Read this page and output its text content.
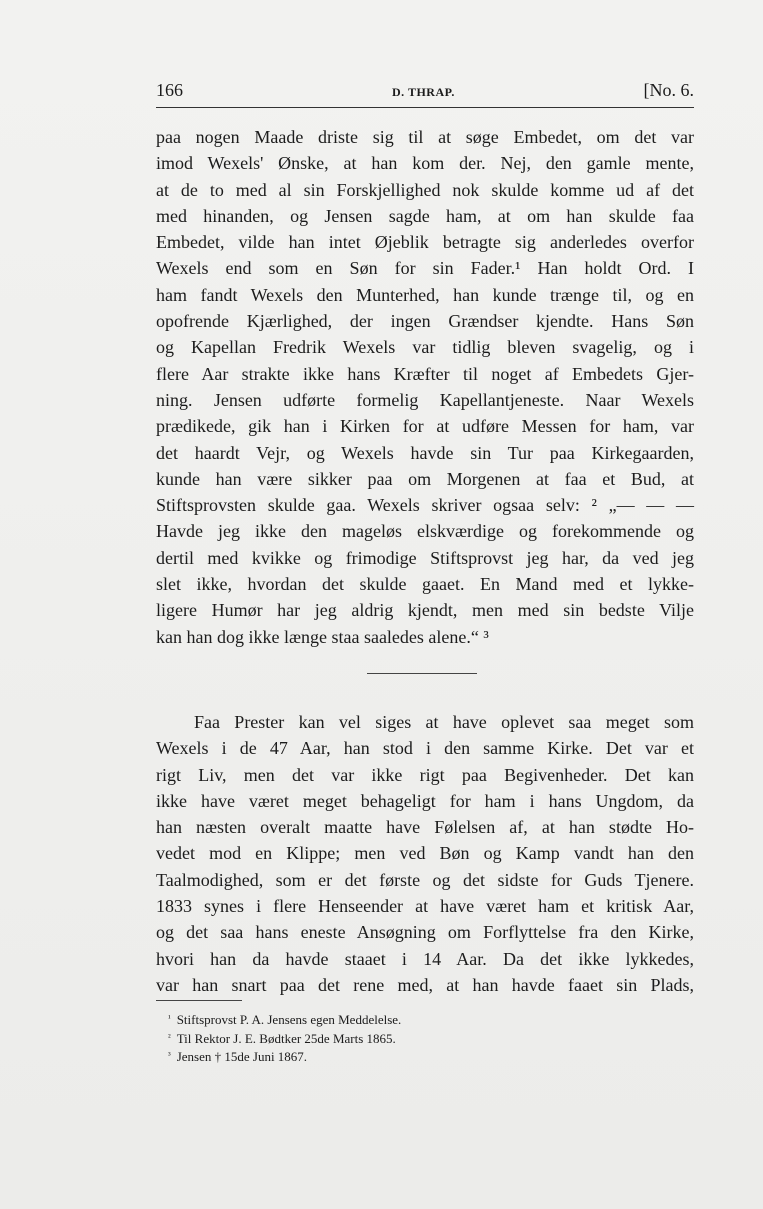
166	D. THRAP.	[No. 6.
paa nogen Maade driste sig til at søge Embedet, om det var
imod Wexels' Ønske, at han kom der. Nej, den gamle mente,
at de to med al sin Forskjellighed nok skulde komme ud af det
med hinanden, og Jensen sagde ham, at om han skulde faa
Embedet, vilde han intet Øjeblik betragte sig anderledes overfor
Wexels end som en Søn for sin Fader.¹ Han holdt Ord. I
ham fandt Wexels den Munterhed, han kunde trænge til, og en
opofrende Kjærlighed, der ingen Grændser kjendte. Hans Søn
og Kapellan Fredrik Wexels var tidlig bleven svagelig, og i
flere Aar strakte ikke hans Kræfter til noget af Embedets Gjer-
ning. Jensen udførte formelig Kapellantjeneste. Naar Wexels
prædikede, gik han i Kirken for at udføre Messen for ham, var
det haardt Vejr, og Wexels havde sin Tur paa Kirkegaarden,
kunde han være sikker paa om Morgenen at faa et Bud, at
Stiftsprovsten skulde gaa. Wexels skriver ogsaa selv: ² „— — —
Havde jeg ikke den mageløs elskværdige og forekommende og
dertil med kvikke og frimodige Stiftsprovst jeg har, da ved jeg
slet ikke, hvordan det skulde gaaet. En Mand med et lykke-
ligere Humør har jeg aldrig kjendt, men med sin bedste Vilje
kan han dog ikke længe staa saaledes alene.“ ³
Faa Prester kan vel siges at have oplevet saa meget som
Wexels i de 47 Aar, han stod i den samme Kirke. Det var et
rigt Liv, men det var ikke rigt paa Begivenheder. Det kan
ikke have været meget behageligt for ham i hans Ungdom, da
han næsten overalt maatte have Følelsen af, at han stødte Ho-
vedet mod en Klippe; men ved Bøn og Kamp vandt han den
Taalmodighed, som er det første og det sidste for Guds Tjenere.
1833 synes i flere Henseender at have været ham et kritisk Aar,
og det saa hans eneste Ansøgning om Forflyttelse fra den Kirke,
hvori han da havde staaet i 14 Aar. Da det ikke lykkedes,
var han snart paa det rene med, at han havde faaet sin Plads,
$^{^1}$ Stiftsprovst P. A. Jensens egen Meddelelse.
$^{^2}$ Til Rektor J. E. Bødtker 25de Marts 1865.
$^{^3}$ Jensen † 15de Juni 1867.
